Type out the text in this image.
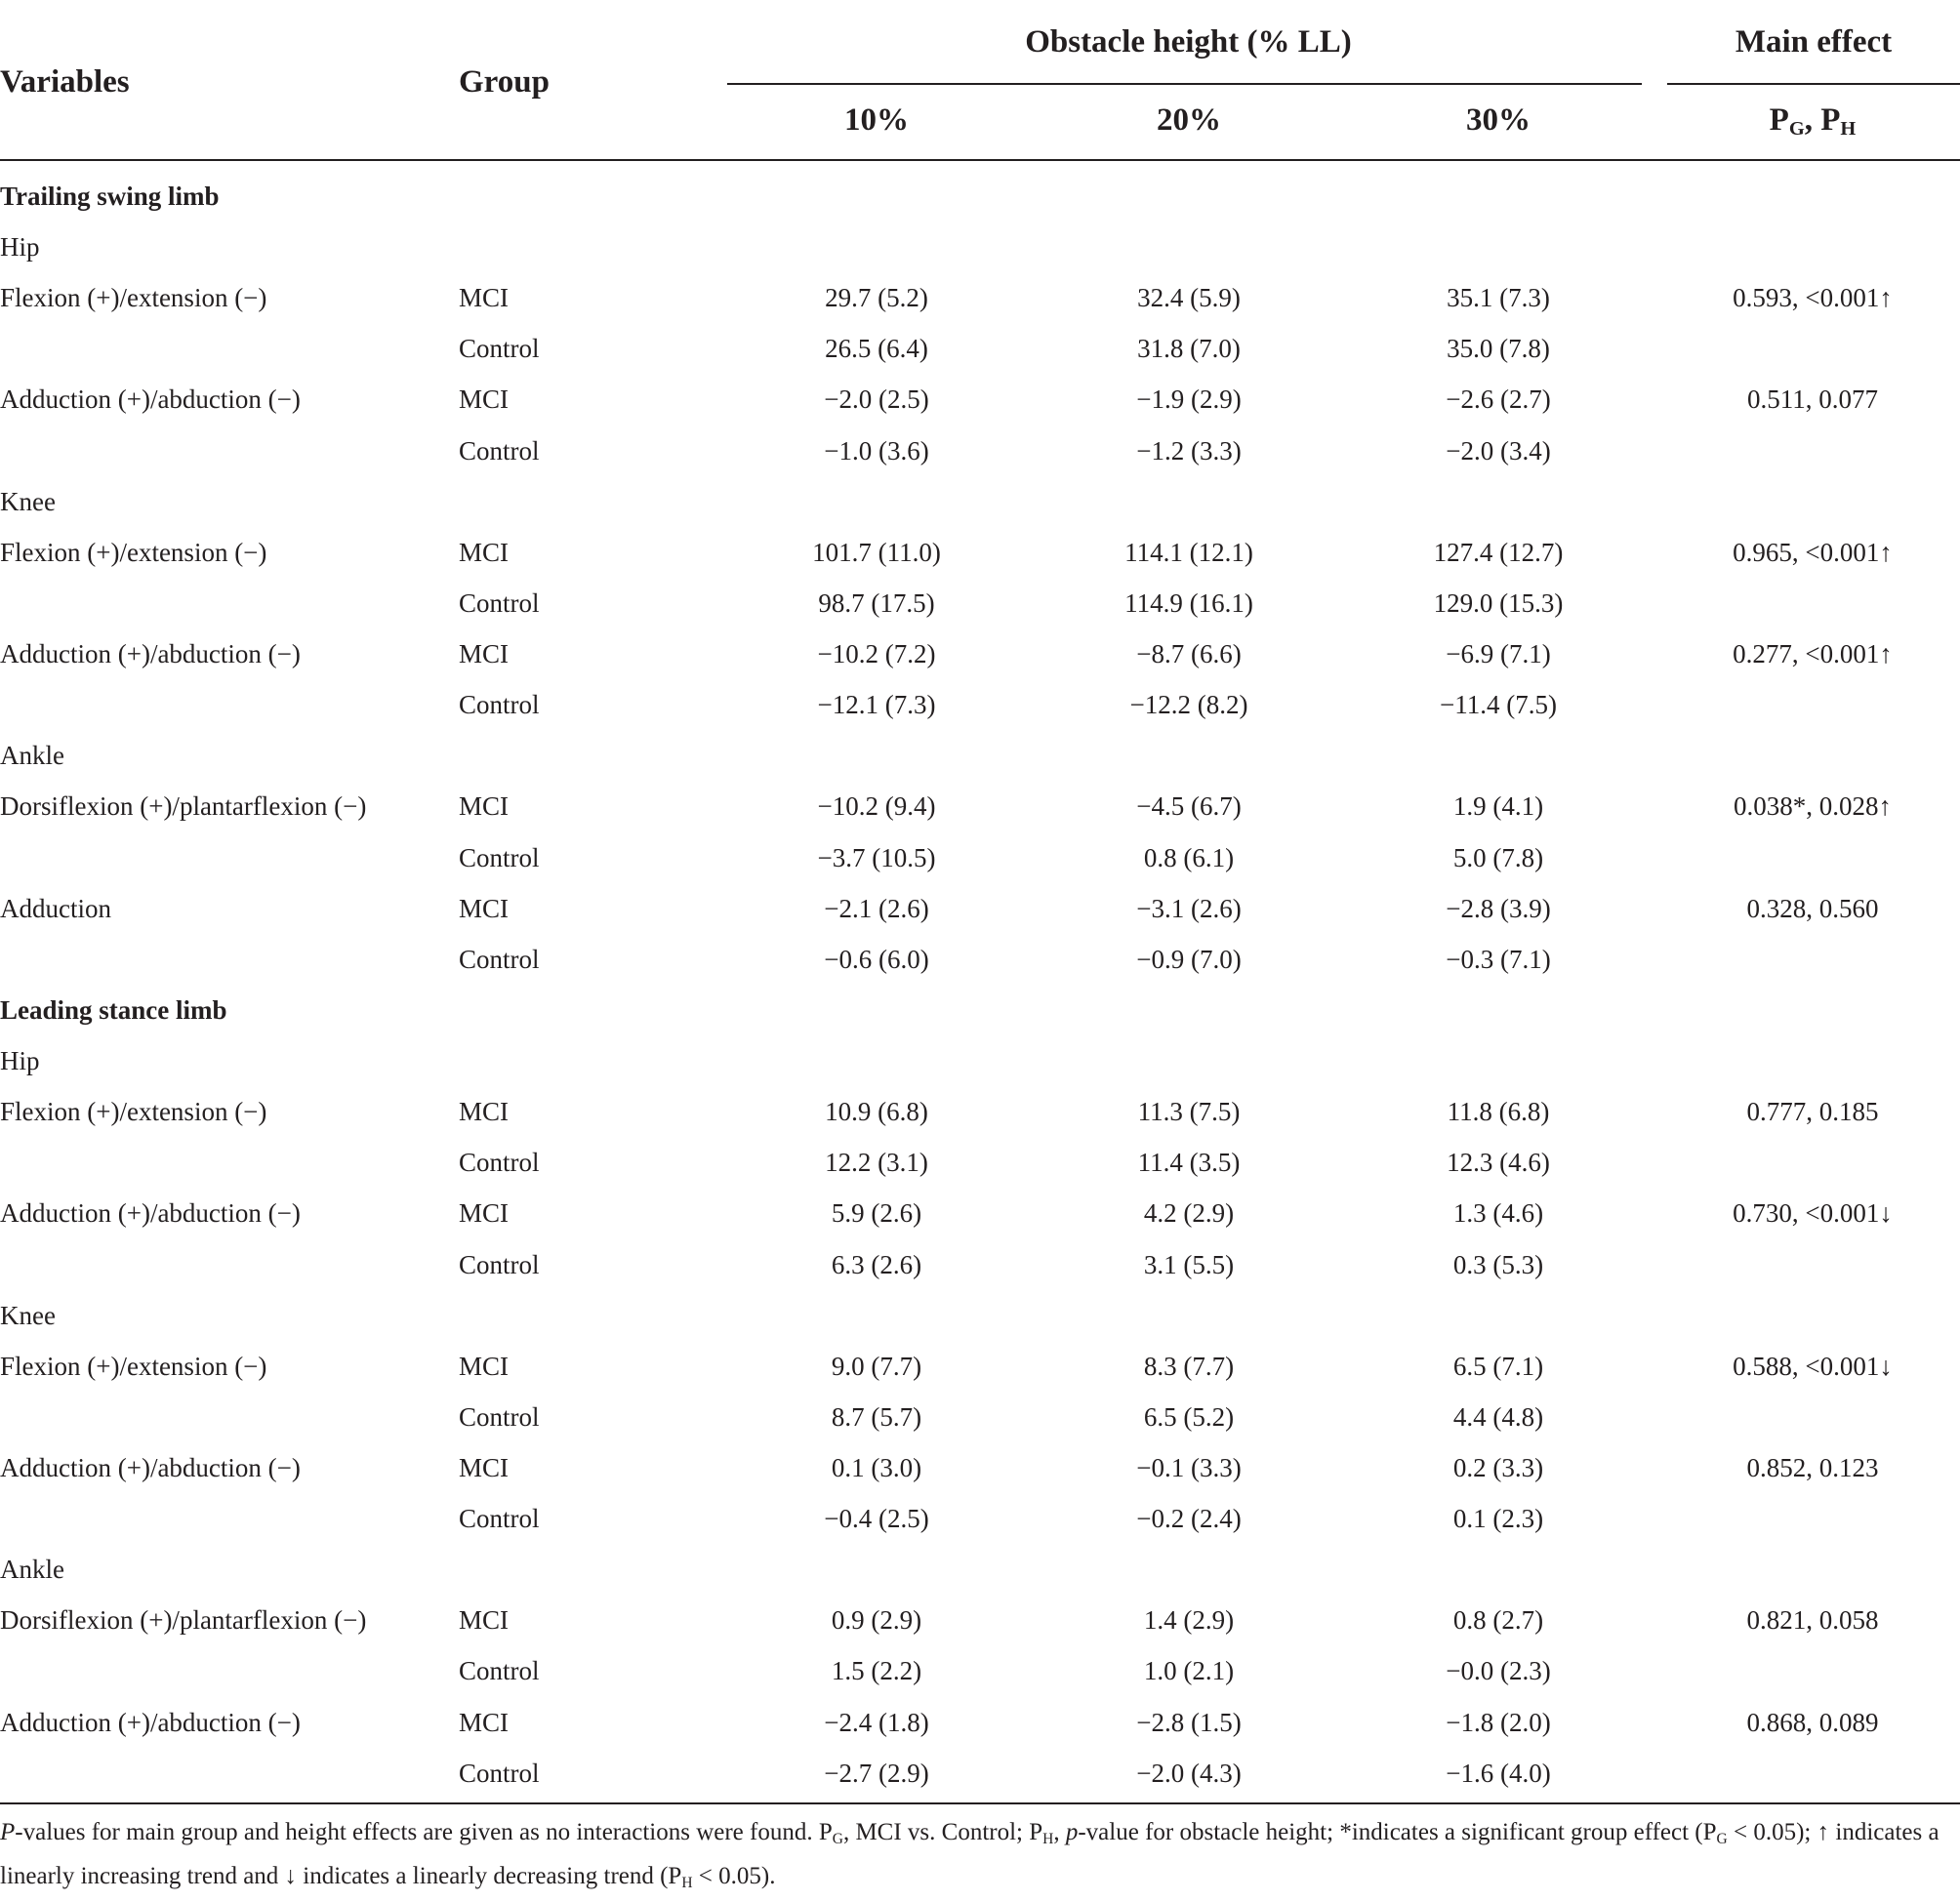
Variables	Group
Obstacle height (% LL)	Main effect
10%	20%	30%	$P_G$, $P_H$
Trailing swing limb
Hip
Flexion (+)/extension (−)	MCI	29.7 (5.2)	32.4 (5.9)	35.1 (7.3)	0.593, <0.001↑
Control	26.5 (6.4)	31.8 (7.0)	35.0 (7.8)
Adduction (+)/abduction (−)	MCI	−2.0 (2.5)	−1.9 (2.9)	−2.6 (2.7)	0.511, 0.077
Control	−1.0 (3.6)	−1.2 (3.3)	−2.0 (3.4)
Knee
Flexion (+)/extension (−)	MCI	101.7 (11.0)	114.1 (12.1)	127.4 (12.7)	0.965, <0.001↑
Control	98.7 (17.5)	114.9 (16.1)	129.0 (15.3)
Adduction (+)/abduction (−)	MCI	−10.2 (7.2)	−8.7 (6.6)	−6.9 (7.1)	0.277, <0.001↑
Control	−12.1 (7.3)	−12.2 (8.2)	−11.4 (7.5)
Ankle
Dorsiflexion (+)/plantarflexion (−)	MCI	−10.2 (9.4)	−4.5 (6.7)	1.9 (4.1)	0.038*, 0.028↑
Control	−3.7 (10.5)	0.8 (6.1)	5.0 (7.8)
Adduction	MCI	−2.1 (2.6)	−3.1 (2.6)	−2.8 (3.9)	0.328, 0.560
Control	−0.6 (6.0)	−0.9 (7.0)	−0.3 (7.1)
Leading stance limb
Hip
Flexion (+)/extension (−)	MCI	10.9 (6.8)	11.3 (7.5)	11.8 (6.8)	0.777, 0.185
Control	12.2 (3.1)	11.4 (3.5)	12.3 (4.6)
Adduction (+)/abduction (−)	MCI	5.9 (2.6)	4.2 (2.9)	1.3 (4.6)	0.730, <0.001↓
Control	6.3 (2.6)	3.1 (5.5)	0.3 (5.3)
Knee
Flexion (+)/extension (−)	MCI	9.0 (7.7)	8.3 (7.7)	6.5 (7.1)	0.588, <0.001↓
Control	8.7 (5.7)	6.5 (5.2)	4.4 (4.8)
Adduction (+)/abduction (−)	MCI	0.1 (3.0)	−0.1 (3.3)	0.2 (3.3)	0.852, 0.123
Control	−0.4 (2.5)	−0.2 (2.4)	0.1 (2.3)
Ankle
Dorsiflexion (+)/plantarflexion (−)	MCI	0.9 (2.9)	1.4 (2.9)	0.8 (2.7)	0.821, 0.058
Control	1.5 (2.2)	1.0 (2.1)	−0.0 (2.3)
Adduction (+)/abduction (−)	MCI	−2.4 (1.8)	−2.8 (1.5)	−1.8 (2.0)	0.868, 0.089
Control	−2.7 (2.9)	−2.0 (4.3)	−1.6 (4.0)
P-values for main group and height effects are given as no interactions were found. $P_G$, MCI vs. Control; $P_H$, p-value for obstacle height; *indicates a significant group effect $(P_G < 0.05)$; ↑ indicates a linearly increasing trend and ↓ indicates a linearly decreasing trend $(P_H < 0.05)$.
